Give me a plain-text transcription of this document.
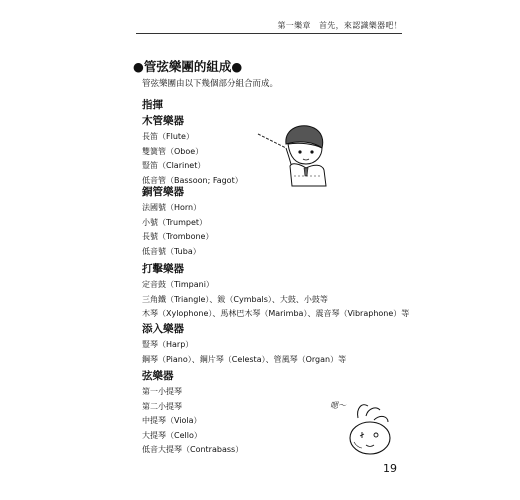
第一樂章　首先，來認識樂器吧！
●管弦樂團的組成●
管弦樂團由以下幾個部分組合而成。
指揮
木管樂器
長笛（Flute）
雙簧管（Oboe）
豎笛（Clarinet）
低音管（Bassoon; Fagot）
銅管樂器
法國號（Horn）
小號（Trumpet）
長號（Trombone）
低音號（Tuba）
打擊樂器
定音鼓（Timpani）
三角鐵（Triangle）、鈸（Cymbals）、大鼓、小鼓等
木琴（Xylophone）、馬林巴木琴（Marimba）、震音琴（Vibraphone）等
添入樂器
豎琴（Harp）
鋼琴（Piano）、鋼片琴（Celesta）、管風琴（Organ）等
弦樂器
第一小提琴
第二小提琴
中提琴（Viola）
大提琴（Cello）
低音大提琴（Contrabass）
嗯～
19
